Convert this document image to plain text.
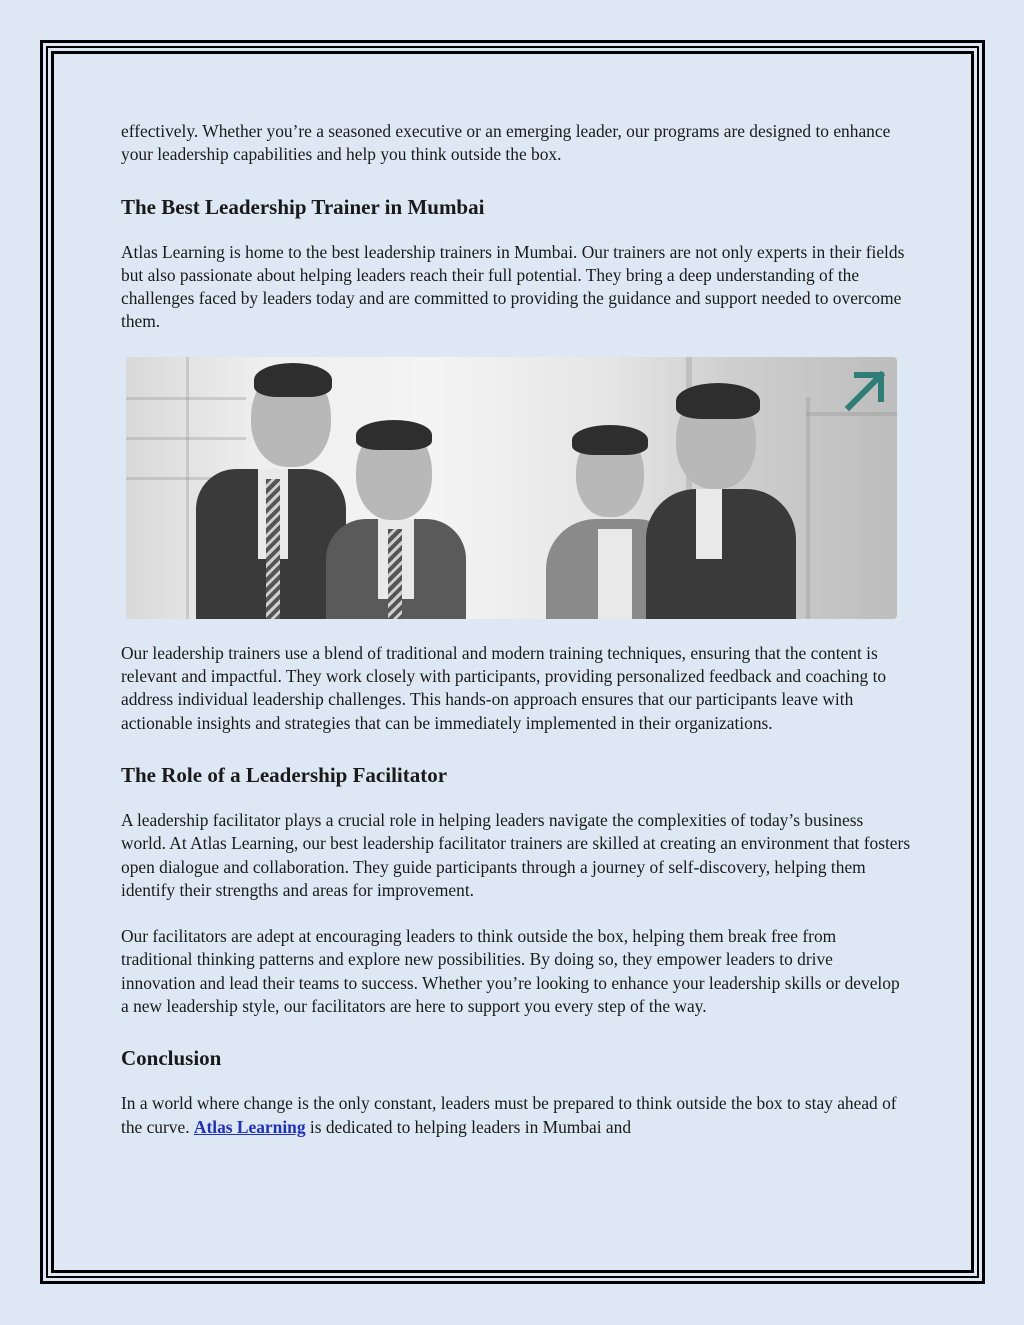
effectively. Whether you’re a seasoned executive or an emerging leader, our programs are designed to enhance your leadership capabilities and help you think outside the box.

The Best Leadership Trainer in Mumbai

Atlas Learning is home to the best leadership trainers in Mumbai. Our trainers are not only experts in their fields but also passionate about helping leaders reach their full potential. They bring a deep understanding of the challenges faced by leaders today and are committed to providing the guidance and support needed to overcome them.

Our leadership trainers use a blend of traditional and modern training techniques, ensuring that the content is relevant and impactful. They work closely with participants, providing personalized feedback and coaching to address individual leadership challenges. This hands-on approach ensures that our participants leave with actionable insights and strategies that can be immediately implemented in their organizations.

The Role of a Leadership Facilitator

A leadership facilitator plays a crucial role in helping leaders navigate the complexities of today’s business world. At Atlas Learning, our best leadership facilitator trainers are skilled at creating an environment that fosters open dialogue and collaboration. They guide participants through a journey of self-discovery, helping them identify their strengths and areas for improvement.

Our facilitators are adept at encouraging leaders to think outside the box, helping them break free from traditional thinking patterns and explore new possibilities. By doing so, they empower leaders to drive innovation and lead their teams to success. Whether you’re looking to enhance your leadership skills or develop a new leadership style, our facilitators are here to support you every step of the way.

Conclusion

In a world where change is the only constant, leaders must be prepared to think outside the box to stay ahead of the curve. Atlas Learning is dedicated to helping leaders in Mumbai and
